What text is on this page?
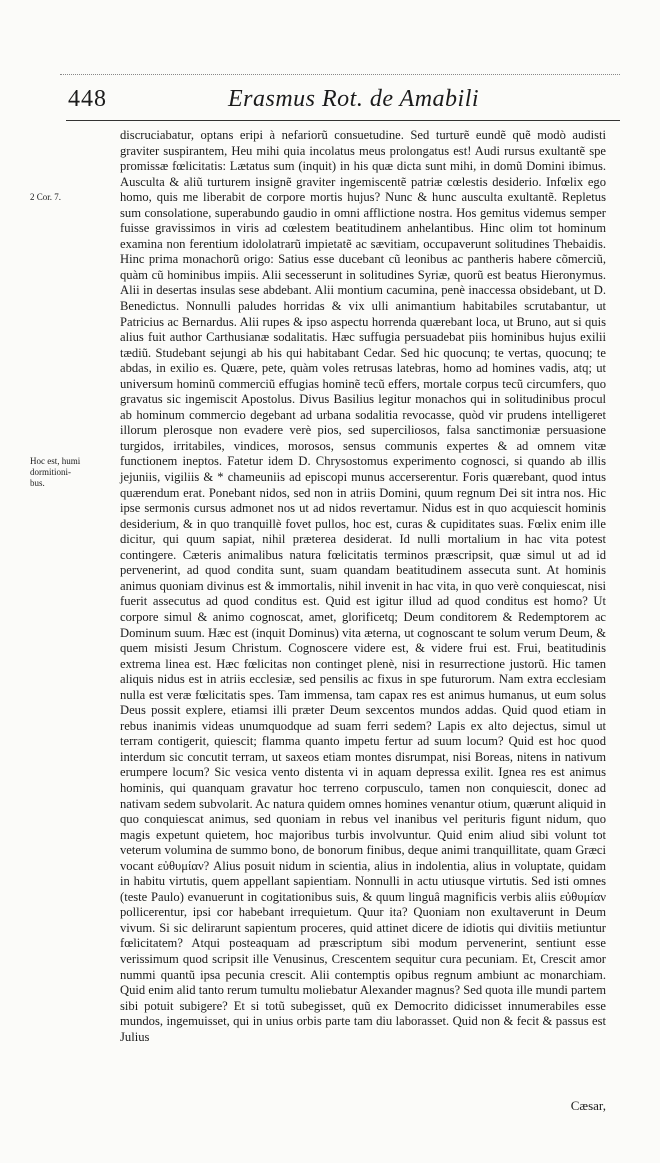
448	Erasmus Rot. de Amabili
2 Cor. 7.
Hoc est, humi dormitioni-bus.

discruciabatur, optans eripi à nefariorũ consuetudine. Sed turturẽ eundẽ quẽ modò audisti graviter suspirantem, Heu mihi quia incolatus meus prolongatus est! Audi rursus exultantẽ spe promissæ fœlicitatis: Lætatus sum (inquit) in his quæ dicta sunt mihi, in domũ Domini ibimus. Ausculta & aliũ turturem insignẽ graviter ingemiscentẽ patriæ cœlestis desiderio. Infœlix ego homo, quis me liberabit de corpore mortis hujus? Nunc & hunc ausculta exultantẽ. Repletus sum consolatione, superabundo gaudio in omni afflictione nostra. Hos gemitus videmus semper fuisse gravissimos in viris ad cœlestem beatitudinem anhelantibus. Hinc olim tot hominum examina non ferentium idololatrarũ impietatẽ ac sævitiam, occupaverunt solitudines Thebaidis. Hinc prima monachorũ origo: Satius esse ducebant cũ leonibus ac pantheris habere cõmerciũ, quàm cũ hominibus impiis. Alii secesserunt in solitudines Syriæ, quorũ est beatus Hieronymus. Alii in desertas insulas sese abdebant. Alii montium cacumina, penè inaccessa obsidebant, ut D. Benedictus. Nonnulli paludes horridas & vix ulli animantium habitabiles scrutabantur, ut Patricius ac Bernardus. Alii rupes & ipso aspectu horrenda quærebant loca, ut Bruno, aut si quis alius fuit author Carthusianæ sodalitatis. Hæc suffugia persuadebat piis hominibus hujus exilii tædiũ. Studebant sejungi ab his qui habitabant Cedar. Sed hic quocunq; te vertas, quocunq; te abdas, in exilio es. Quære, pete, quàm voles retrusas latebras, homo ad homines vadis, atq; ut universum hominũ commerciũ effugias hominẽ tecũ effers, mortale corpus tecũ circumfers, quo gravatus sic ingemiscit Apostolus. Divus Basilius legitur monachos qui in solitudinibus procul ab hominum commercio degebant ad urbana sodalitia revocasse, quòd vir prudens intelligeret illorum plerosque non evadere verè pios, sed superciliosos, falsa sanctimoniæ persuasione turgidos, irritabiles, vindices, morosos, sensus communis expertes & ad omnem vitæ functionem ineptos. Fatetur idem D. Chrysostomus experimento cognosci, si quando ab illis jejuniis, vigiliis & * chameuniis ad episcopi munus accerserentur. Foris quærebant, quod intus quærendum erat. Ponebant nidos, sed non in atriis Domini, quum regnum Dei sit intra nos. Hic ipse sermonis cursus admonet nos ut ad nidos revertamur. Nidus est in quo acquiescit hominis desiderium, & in quo tranquillè fovet pullos, hoc est, curas & cupiditates suas. Fœlix enim ille dicitur, qui quum sapiat, nihil præterea desiderat. Id nulli mortalium in hac vita potest contingere. Cæteris animalibus natura fœlicitatis terminos præscripsit, quæ simul ut ad id pervenerint, ad quod condita sunt, suam quandam beatitudinem assecuta sunt. At hominis animus quoniam divinus est & immortalis, nihil invenit in hac vita, in quo verè conquiescat, nisi fuerit assecutus ad quod conditus est. Quid est igitur illud ad quod conditus est homo? Ut corpore simul & animo cognoscat, amet, glorificetq; Deum conditorem & Redemptorem ac Dominum suum. Hæc est (inquit Dominus) vita æterna, ut cognoscant te solum verum Deum, & quem misisti Jesum Christum. Cognoscere videre est, & videre frui est. Frui, beatitudinis extrema linea est. Hæc fœlicitas non continget plenè, nisi in resurrectione justorũ. Hic tamen aliquis nidus est in atriis ecclesiæ, sed pensilis ac fixus in spe futurorum. Nam extra ecclesiam nulla est veræ fœlicitatis spes. Tam immensa, tam capax res est animus humanus, ut eum solus Deus possit explere, etiamsi illi præter Deum sexcentos mundos addas. Quid quod etiam in rebus inanimis videas unumquodque ad suam ferri sedem? Lapis ex alto dejectus, simul ut terram contigerit, quiescit; flamma quanto impetu fertur ad suum locum? Quid est hoc quod interdum sic concutit terram, ut saxeos etiam montes disrumpat, nisi Boreas, nitens in nativum erumpere locum? Sic vesica vento distenta vi in aquam depressa exilit. Ignea res est animus hominis, qui quanquam gravatur hoc terreno corpusculo, tamen non conquiescit, donec ad nativam sedem subvolarit. Ac natura quidem omnes homines venantur otium, quærunt aliquid in quo conquiescat animus, sed quoniam in rebus vel inanibus vel perituris figunt nidum, quo magis expetunt quietem, hoc majoribus turbis involvuntur. Quid enim aliud sibi volunt tot veterum volumina de summo bono, de bonorum finibus, deque animi tranquillitate, quam Græci vocant εὐθυμίαν? Alius posuit nidum in scientia, alius in indolentia, alius in voluptate, quidam in habitu virtutis, quem appellant sapientiam. Nonnulli in actu utiusque virtutis. Sed isti omnes (teste Paulo) evanuerunt in cogitationibus suis, & quum linguâ magnificis verbis aliis εὐθυμίαν pollicerentur, ipsi cor habebant irrequietum. Quur ita? Quoniam non exultaverunt in Deum vivum. Si sic delirarunt sapientum proceres, quid attinet dicere de idiotis qui divitiis metiuntur fœlicitatem? Atqui posteaquam ad præscriptum sibi modum pervenerint, sentiunt esse verissimum quod scripsit ille Venusinus, Crescentem sequitur cura pecuniam. Et, Crescit amor nummi quantũ ipsa pecunia crescit. Alii contemptis opibus regnum ambiunt ac monarchiam. Quid enim alid tanto rerum tumultu moliebatur Alexander magnus? Sed quota ille mundi partem sibi potuit subigere? Et si totũ subegisset, quũ ex Democrito didicisset innumerabiles esse mundos, ingemuisset, qui in unius orbis parte tam diu laborasset. Quid non & fecit & passus est Julius

Cæsar,
